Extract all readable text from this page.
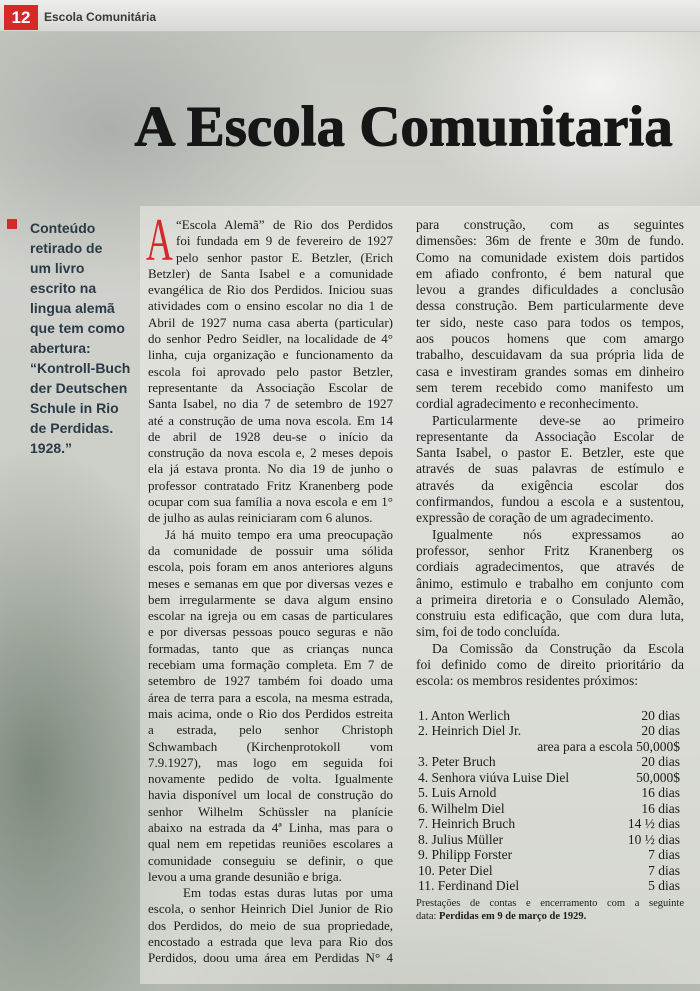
12	Escola Comunitária
A Escola Comunitaria
Conteúdo
retirado de
um livro
escrito na
lingua alemã
que tem como
abertura:
“Kontroll-Buch
der Deutschen
Schule in Rio
de Perdidas.
1928.”
A “Escola Alemã” de Rio dos Perdidos
foi fundada em 9 de fevereiro de 1927
pelo senhor pastor E. Betzler, (Erich
Betzler) de Santa Isabel e a comunidade
evangélica de Rio dos Perdidos. Iniciou suas
atividades com o ensino escolar no dia 1 de
Abril de 1927 numa casa aberta (particular)
do senhor Pedro Seidler, na localidade de 4°
linha, cuja organização e funcionamento da
escola foi aprovado pelo pastor Betzler,
representante da Associação Escolar de
Santa Isabel, no dia 7 de setembro de 1927
até a construção de uma nova escola. Em 14
de abril de 1928 deu-se o início da
construção da nova escola e, 2 meses depois
ela já estava pronta. No dia 19 de junho o
professor contratado Fritz Kranenberg pode
ocupar com sua família a nova escola e em 1°
de julho as aulas reiniciaram com 6 alunos.
Já há muito tempo era uma preocupação
da comunidade de possuir uma sólida
escola, pois foram em anos anteriores alguns
meses e semanas em que por diversas vezes e
bem irregularmente se dava algum ensino
escolar na igreja ou em casas de particulares
e por diversas pessoas pouco seguras e não
formadas, tanto que as crianças nunca
recebiam uma formação completa. Em 7 de
setembro de 1927 também foi doado uma
área de terra para a escola, na mesma estrada,
mais acima, onde o Rio dos Perdidos estreita
a estrada, pelo senhor Christoph
Schwambach (Kirchenprotokoll vom
7.9.1927), mas logo em seguida foi
novamente pedido de volta. Igualmente
havia disponível um local de construção do
senhor Wilhelm Schüssler na planície
abaixo na estrada da 4ª Linha, mas para o
qual nem em repetidas reuniões escolares a
comunidade conseguiu se definir, o que
levou a uma grande desunião e briga.
Em todas estas duras lutas por uma
escola, o senhor Heinrich Diel Junior de Rio
dos Perdidos, do meio de sua propriedade,
encostado a estrada que leva para Rio dos
Perdidos, doou uma área em Perdidas N° 4
para construção, com as seguintes
dimensões: 36m de frente e 30m de fundo.
Como na comunidade existem dois partidos
em afiado confronto, é bem natural que
levou a grandes dificuldades a conclusão
dessa construção. Bem particularmente deve
ter sido, neste caso para todos os tempos,
aos poucos homens que com amargo
trabalho, descuidavam da sua própria lida de
casa e investiram grandes somas em dinheiro
sem terem recebido como manifesto um
cordial agradecimento e reconhecimento.
Particularmente deve-se ao primeiro
representante da Associação Escolar de
Santa Isabel, o pastor E. Betzler, este que
através de suas palavras de estímulo e
através da exigência escolar dos
confirmandos, fundou a escola e a sustentou,
expressão de coração de um agradecimento.
Igualmente nós expressamos ao
professor, senhor Fritz Kranenberg os
cordiais agradecimentos, que através de
ânimo, estimulo e trabalho em conjunto com
a primeira diretoria e o Consulado Alemão,
construiu esta edificação, que com dura luta,
sim, foi de todo concluída.
Da Comissão da Construção da Escola
foi definido como de direito prioritário da
escola: os membros residentes próximos:
1. Anton Werlich	20 dias
2. Heinrich Diel Jr.	20 dias
area para a escola 50,000$
3. Peter Bruch	20 dias
4. Senhora viúva Luise Diel	50,000$
5. Luis Arnold	16 dias
6. Wilhelm Diel	16 dias
7. Heinrich Bruch	14 ½ dias
8. Julius Müller	10 ½ dias
9. Philipp Forster	7 dias
10. Peter Diel	7 dias
11. Ferdinand Diel	5 dias
Prestações de contas e encerramento com a seguinte
data: Perdidas em 9 de março de 1929.
